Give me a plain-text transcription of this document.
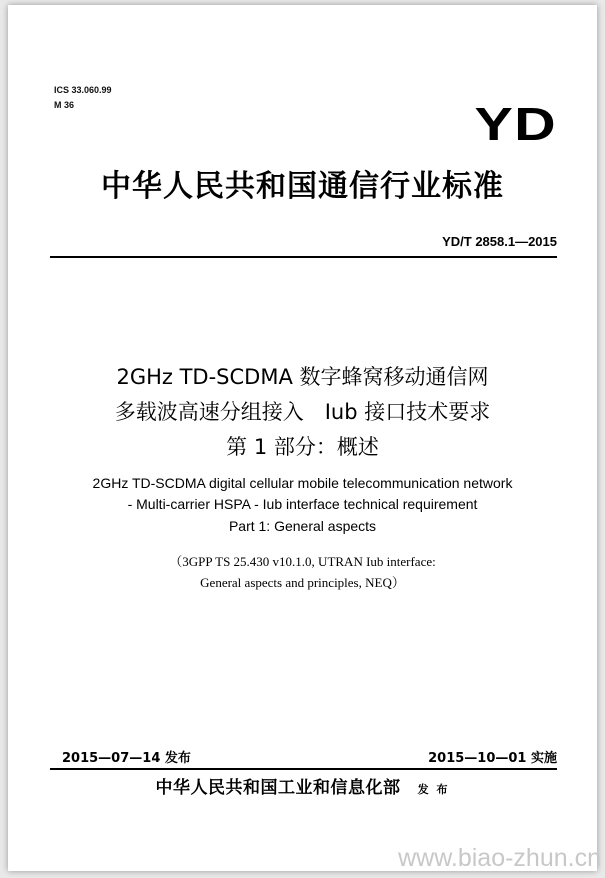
ICS 33.060.99
M 36	YD
中华人民共和国通信行业标准
YD/T 2858.1—2015
2GHz TD-SCDMA 数字蜂窝移动通信网
多载波高速分组接入　Iub 接口技术要求
第 1 部分：概述
2GHz TD-SCDMA digital cellular mobile telecommunication network
- Multi-carrier HSPA - Iub interface technical requirement
Part 1: General aspects
（3GPP TS 25.430 v10.1.0, UTRAN Iub interface:
General aspects and principles, NEQ）
2015—07—14 发布	2015—10—01 实施
中华人民共和国工业和信息化部 发 布
www.biao-zhun.cn
